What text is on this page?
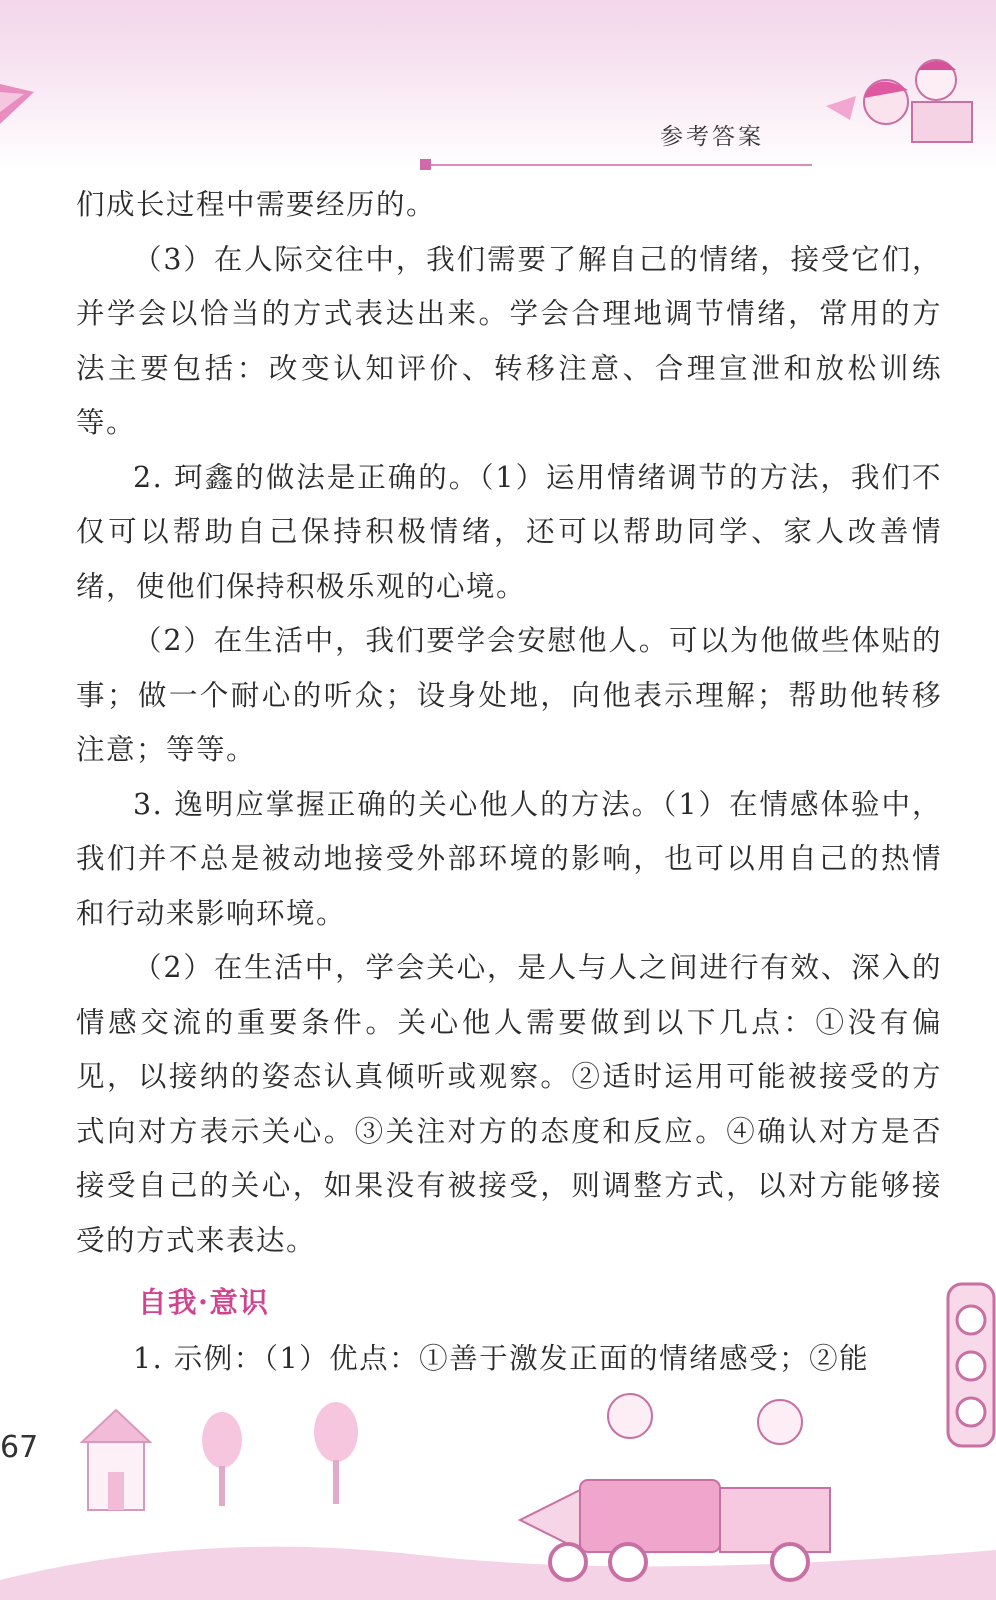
参考答案

们成长过程中需要经历的。

（3）在人际交往中，我们需要了解自己的情绪，接受它们，并学会以恰当的方式表达出来。学会合理地调节情绪，常用的方法主要包括：改变认知评价、转移注意、合理宣泄和放松训练等。

2. 珂鑫的做法是正确的。（1）运用情绪调节的方法，我们不仅可以帮助自己保持积极情绪，还可以帮助同学、家人改善情绪，使他们保持积极乐观的心境。

（2）在生活中，我们要学会安慰他人。可以为他做些体贴的事；做一个耐心的听众；设身处地，向他表示理解；帮助他转移注意；等等。

3. 逸明应掌握正确的关心他人的方法。（1）在情感体验中，我们并不总是被动地接受外部环境的影响，也可以用自己的热情和行动来影响环境。

（2）在生活中，学会关心，是人与人之间进行有效、深入的情感交流的重要条件。关心他人需要做到以下几点：①没有偏见，以接纳的姿态认真倾听或观察。②适时运用可能被接受的方式向对方表示关心。③关注对方的态度和反应。④确认对方是否接受自己的关心，如果没有被接受，则调整方式，以对方能够接受的方式来表达。

自我·意识

1. 示例：（1）优点：①善于激发正面的情绪感受；②能

67
